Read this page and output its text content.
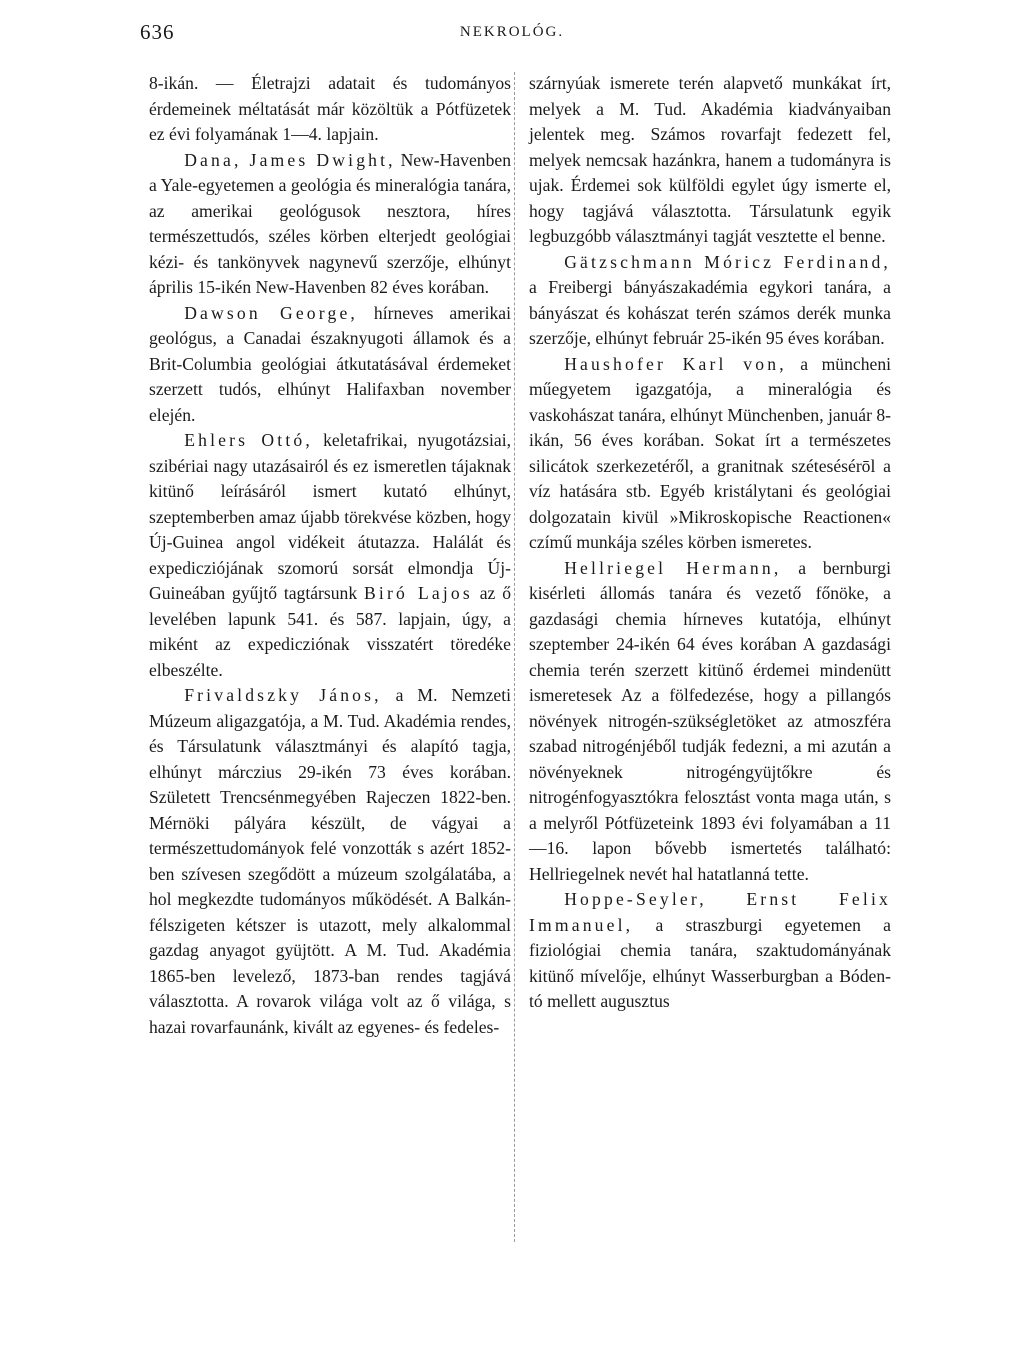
636	NEKROLÓG.

8-ikán. — Életrajzi adatait és tudományos érdemeinek méltatását már közöltük a Pótfüzetek ez évi folyamának 1—4. lapjain.

Dana, James Dwight, New-Havenben a Yale-egyetemen a geológia és mineralógia tanára, az amerikai geológusok nesztora, híres természettudós, széles körben elterjedt geológiai kézi- és tankönyvek nagynevű szerzője, elhúnyt április 15-ikén New-Havenben 82 éves korában.

Dawson George, hírneves amerikai geológus, a Canadai északnyugoti államok és a Brit-Columbia geológiai átkutatásával érdemeket szerzett tudós, elhúnyt Halifaxban november elején.

Ehlers Ottó, keletafrikai, nyugotázsiai, szibériai nagy utazásairól és ez ismeretlen tájaknak kitünő leírásáról ismert kutató elhúnyt, szeptemberben amaz újabb törekvése közben, hogy Új-Guinea angol vidékeit átutazza. Halálát és expedicziójának szomorú sorsát elmondja Új-Guineában gyűjtő tagtársunk Biró Lajos az ő levelében lapunk 541. és 587. lapjain, úgy, a miként az expedicziónak visszatért töredéke elbeszélte.

Frivaldszky János, a M. Nemzeti Múzeum aligazgatója, a M. Tud. Akadémia rendes, és Társulatunk választmányi és alapító tagja, elhúnyt márczius 29-ikén 73 éves korában. Született Trencsénmegyében Rajeczen 1822-ben. Mérnöki pályára készült, de vágyai a természettudományok felé vonzották s azért 1852-ben szívesen szegődött a múzeum szolgálatába, a hol megkezdte tudományos működését. A Balkán-félszigeten kétszer is utazott, mely alkalommal gazdag anyagot gyüjtött. A M. Tud. Akadémia 1865-ben levelező, 1873-ban rendes tagjává választotta. A rovarok világa volt az ő világa, s hazai rovarfaunánk, kivált az egyenes- és fedeles-

szárnyúak ismerete terén alapvető munkákat írt, melyek a M. Tud. Akadémia kiadványaiban jelentek meg. Számos rovarfajt fedezett fel, melyek nemcsak hazánkra, hanem a tudományra is ujak. Érdemei sok külföldi egylet úgy ismerte el, hogy tagjává választotta. Társulatunk egyik legbuzgóbb választmányi tagját vesztette el benne.

Gätzschmann Móricz Ferdinand, a Freibergi bányászakadémia egykori tanára, a bányászat és kohászat terén számos derék munka szerzője, elhúnyt február 25-ikén 95 éves korában.

Haushofer Karl von, a müncheni műegyetem igazgatója, a mineralógia és vaskohászat tanára, elhúnyt Münchenben, január 8-ikán, 56 éves korában. Sokat írt a természetes silicátok szerkezetéről, a granitnak szétesésérōl a víz hatására stb. Egyéb kristálytani és geológiai dolgozatain kivül »Mikroskopische Reactionen« czímű munkája széles körben ismeretes.

Hellriegel Hermann, a bernburgi kisérleti állomás tanára és vezető főnöke, a gazdasági chemia hírneves kutatója, elhúnyt szeptember 24-ikén 64 éves korában A gazdasági chemia terén szerzett kitünő érdemei mindenütt ismeretesek Az a fölfedezése, hogy a pillangós növények nitrogén-szükségletöket az atmoszféra szabad nitrogénjéből tudják fedezni, a mi azután a növényeknek nitrogéngyüjtőkre és nitrogénfogyasztókra felosztást vonta maga után, s a melyről Pótfüzeteink 1893 évi folyamában a 11—16. lapon bővebb ismertetés található: Hellriegelnek nevét hal hatatlanná tette.

Hoppe-Seyler, Ernst Felix Immanuel, a straszburgi egyetemen a fiziológiai chemia tanára, szaktudományának kitünő mívelője, elhúnyt Wasserburgban a Bóden-tó mellett augusztus
